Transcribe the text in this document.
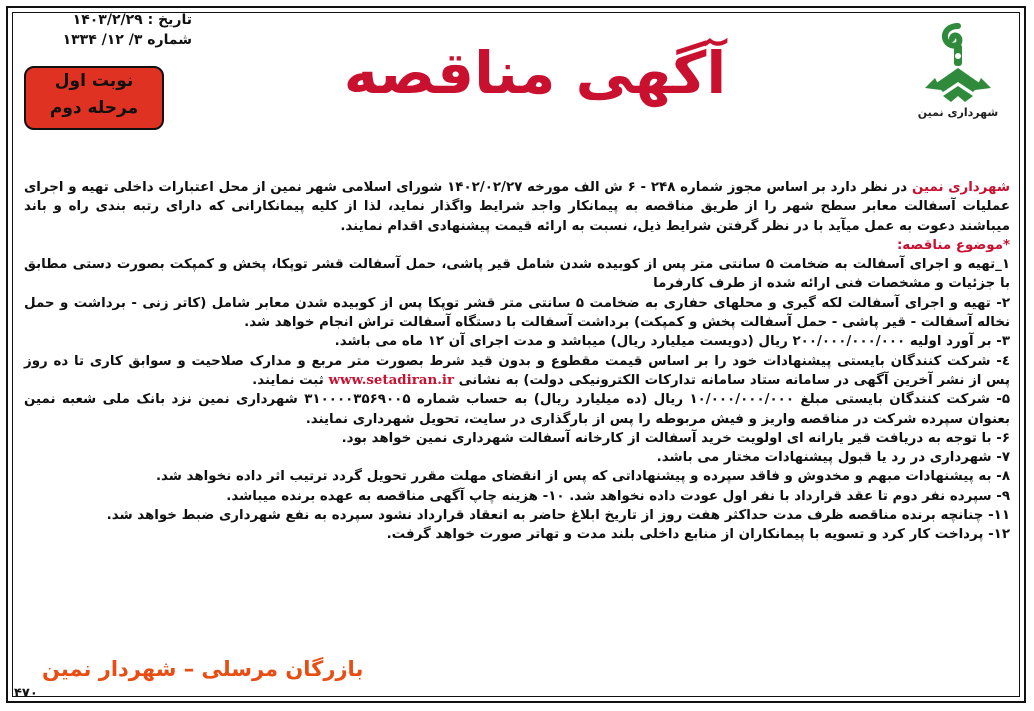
شهرداری نمین
آگهی مناقصه
تاریخ : ۱۴۰۳/۲/۲۹
شماره ۳/ ۱۲/ ۱۳۳۴
نوبت اول
مرحله دوم

شهرداری نمین در نظر دارد بر اساس مجوز شماره ۲۴۸ - ۶ ش الف مورخه ۱۴۰۲/۰۲/۲۷ شورای اسلامی شهر نمین از محل اعتبارات داخلی تهیه و اجرای عملیات آسفالت معابر سطح شهر را از طریق مناقصه به پیمانکار واجد شرایط واگذار نماید، لذا از کلیه پیمانکارانی که دارای رتبه بندی راه و باند میباشند دعوت به عمل میآید با در نظر گرفتن شرایط ذیل، نسبت به ارائه قیمت پیشنهادی اقدام نمایند.

*موضوع مناقصه:

۱_تهیه و اجرای آسفالت به ضخامت ۵ سانتی متر پس از کوبیده شدن شامل قیر پاشی، حمل آسفالت قشر توپکا، پخش و کمپکت بصورت دستی مطابق با جزئیات و مشخصات فنی ارائه شده از طرف کارفرما

۲- تهیه و اجرای آسفالت لکه گیری و محلهای حفاری به ضخامت ۵ سانتی متر قشر توپکا پس از کوبیده شدن معابر شامل (کاتر زنی - برداشت و حمل نخاله آسفالت - قیر پاشی - حمل آسفالت پخش و کمپکت) برداشت آسفالت با دستگاه آسفالت تراش انجام خواهد شد.

۳- بر آورد اولیه ۲۰۰/۰۰۰/۰۰۰/۰۰۰ ریال (دویست میلیارد ریال) میباشد و مدت اجرای آن ۱۲ ماه می باشد.

٤- شرکت کنندگان بایستی پیشنهادات خود را بر اساس قیمت مقطوع و بدون قید شرط بصورت متر مربع و مدارک صلاحیت و سوابق کاری تا ده روز پس از نشر آخرین آگهی در سامانه ستاد سامانه تدارکات الکترونیکی دولت) به نشانی www.setadiran.ir ثبت نمایند.

۵- شرکت کنندگان بایستی مبلغ ۱۰/۰۰۰/۰۰۰/۰۰۰ ریال (ده میلیارد ریال) به حساب شماره ۳۱۰۰۰۰۳۵۶۹۰۰۵ شهرداری نمین نزد بانک ملی شعبه نمین بعنوان سپرده شرکت در مناقصه واریز و فیش مربوطه را پس از بارگذاری در سایت، تحویل شهرداری نمایند.

۶- با توجه به دریافت قیر یارانه ای اولویت خرید آسفالت از کارخانه آسفالت شهرداری نمین خواهد بود.

۷- شهرداری در رد یا قبول پیشنهادات مختار می باشد.

۸- به پیشنهادات مبهم و مخدوش و فاقد سپرده و پیشنهاداتی که پس از انقضای مهلت مقرر تحویل گردد ترتیب اثر داده نخواهد شد.

۹- سپرده نفر دوم تا عقد قرارداد با نفر اول عودت داده نخواهد شد. ۱۰- هزینه چاپ آگهی مناقصه به عهده برنده میباشد.

۱۱- چنانچه برنده مناقصه ظرف مدت حداکثر هفت روز از تاریخ ابلاغ حاضر به انعقاد قرارداد نشود سپرده به نفع شهرداری ضبط خواهد شد.

۱۲- پرداخت کار کرد و تسویه با پیمانکاران از منابع داخلی بلند مدت و تهاتر صورت خواهد گرفت.

بازرگان مرسلی – شهردار نمین
۴۷۰
